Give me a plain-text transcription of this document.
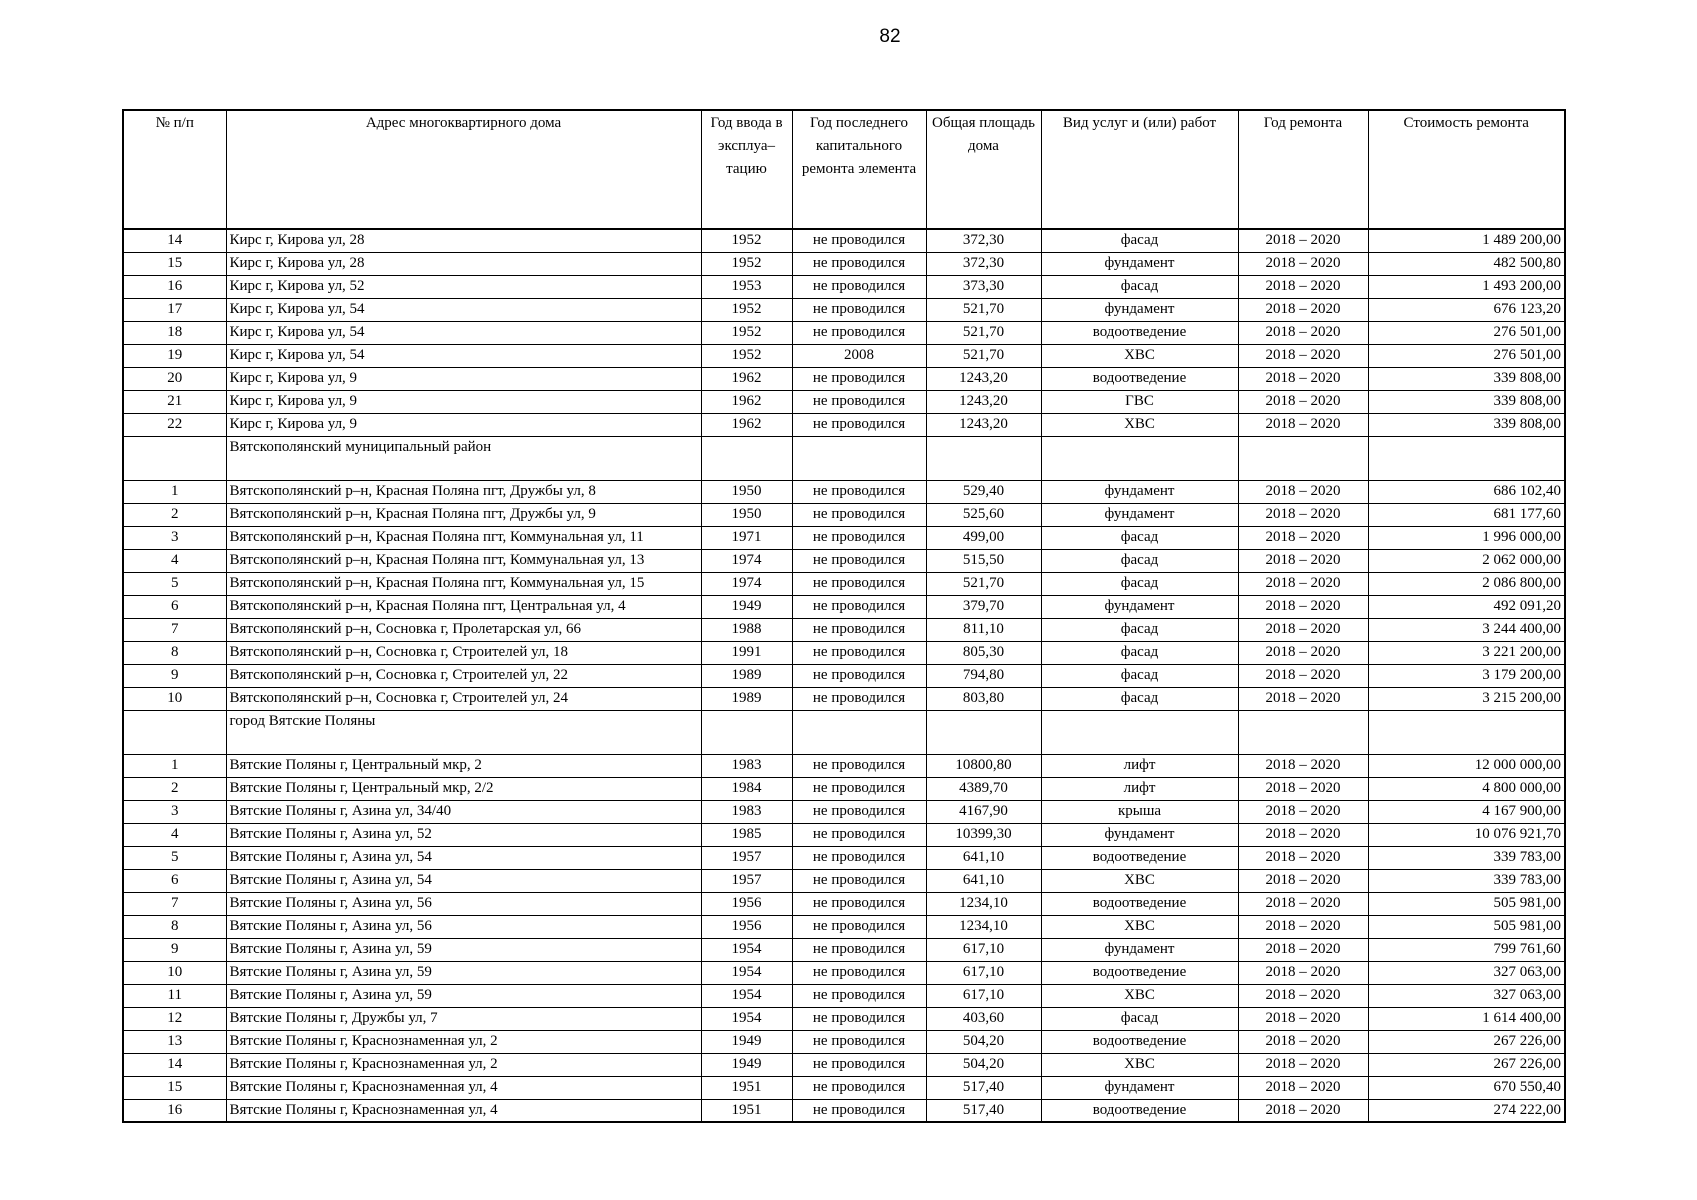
82
№ п/п	Адрес многоквартирного дома	Год ввода в эксплуа– тацию	Год последнего капитального ремонта элемента	Общая площадь дома	Вид услуг и (или) работ	Год ремонта	Стоимость ремонта
14	Кирс г, Кирова ул, 28	1952	не проводился	372,30	фасад	2018 – 2020	1 489 200,00
15	Кирс г, Кирова ул, 28	1952	не проводился	372,30	фундамент	2018 – 2020	482 500,80
16	Кирс г, Кирова ул, 52	1953	не проводился	373,30	фасад	2018 – 2020	1 493 200,00
17	Кирс г, Кирова ул, 54	1952	не проводился	521,70	фундамент	2018 – 2020	676 123,20
18	Кирс г, Кирова ул, 54	1952	не проводился	521,70	водоотведение	2018 – 2020	276 501,00
19	Кирс г, Кирова ул, 54	1952	2008	521,70	ХВС	2018 – 2020	276 501,00
20	Кирс г, Кирова ул, 9	1962	не проводился	1243,20	водоотведение	2018 – 2020	339 808,00
21	Кирс г, Кирова ул, 9	1962	не проводился	1243,20	ГВС	2018 – 2020	339 808,00
22	Кирс г, Кирова ул, 9	1962	не проводился	1243,20	ХВС	2018 – 2020	339 808,00
	Вятскополянский муниципальный район						
1	Вятскополянский р–н, Красная Поляна пгт, Дружбы ул, 8	1950	не проводился	529,40	фундамент	2018 – 2020	686 102,40
2	Вятскополянский р–н, Красная Поляна пгт, Дружбы ул, 9	1950	не проводился	525,60	фундамент	2018 – 2020	681 177,60
3	Вятскополянский р–н, Красная Поляна пгт, Коммунальная ул, 11	1971	не проводился	499,00	фасад	2018 – 2020	1 996 000,00
4	Вятскополянский р–н, Красная Поляна пгт, Коммунальная ул, 13	1974	не проводился	515,50	фасад	2018 – 2020	2 062 000,00
5	Вятскополянский р–н, Красная Поляна пгт, Коммунальная ул, 15	1974	не проводился	521,70	фасад	2018 – 2020	2 086 800,00
6	Вятскополянский р–н, Красная Поляна пгт, Центральная ул, 4	1949	не проводился	379,70	фундамент	2018 – 2020	492 091,20
7	Вятскополянский р–н, Сосновка г, Пролетарская ул, 66	1988	не проводился	811,10	фасад	2018 – 2020	3 244 400,00
8	Вятскополянский р–н, Сосновка г, Строителей ул, 18	1991	не проводился	805,30	фасад	2018 – 2020	3 221 200,00
9	Вятскополянский р–н, Сосновка г, Строителей ул, 22	1989	не проводился	794,80	фасад	2018 – 2020	3 179 200,00
10	Вятскополянский р–н, Сосновка г, Строителей ул, 24	1989	не проводился	803,80	фасад	2018 – 2020	3 215 200,00
	город Вятские Поляны						
1	Вятские Поляны г, Центральный мкр, 2	1983	не проводился	10800,80	лифт	2018 – 2020	12 000 000,00
2	Вятские Поляны г, Центральный мкр, 2/2	1984	не проводился	4389,70	лифт	2018 – 2020	4 800 000,00
3	Вятские Поляны г, Азина ул, 34/40	1983	не проводился	4167,90	крыша	2018 – 2020	4 167 900,00
4	Вятские Поляны г, Азина ул, 52	1985	не проводился	10399,30	фундамент	2018 – 2020	10 076 921,70
5	Вятские Поляны г, Азина ул, 54	1957	не проводился	641,10	водоотведение	2018 – 2020	339 783,00
6	Вятские Поляны г, Азина ул, 54	1957	не проводился	641,10	ХВС	2018 – 2020	339 783,00
7	Вятские Поляны г, Азина ул, 56	1956	не проводился	1234,10	водоотведение	2018 – 2020	505 981,00
8	Вятские Поляны г, Азина ул, 56	1956	не проводился	1234,10	ХВС	2018 – 2020	505 981,00
9	Вятские Поляны г, Азина ул, 59	1954	не проводился	617,10	фундамент	2018 – 2020	799 761,60
10	Вятские Поляны г, Азина ул, 59	1954	не проводился	617,10	водоотведение	2018 – 2020	327 063,00
11	Вятские Поляны г, Азина ул, 59	1954	не проводился	617,10	ХВС	2018 – 2020	327 063,00
12	Вятские Поляны г, Дружбы ул, 7	1954	не проводился	403,60	фасад	2018 – 2020	1 614 400,00
13	Вятские Поляны г, Краснознаменная ул, 2	1949	не проводился	504,20	водоотведение	2018 – 2020	267 226,00
14	Вятские Поляны г, Краснознаменная ул, 2	1949	не проводился	504,20	ХВС	2018 – 2020	267 226,00
15	Вятские Поляны г, Краснознаменная ул, 4	1951	не проводился	517,40	фундамент	2018 – 2020	670 550,40
16	Вятские Поляны г, Краснознаменная ул, 4	1951	не проводился	517,40	водоотведение	2018 – 2020	274 222,00
